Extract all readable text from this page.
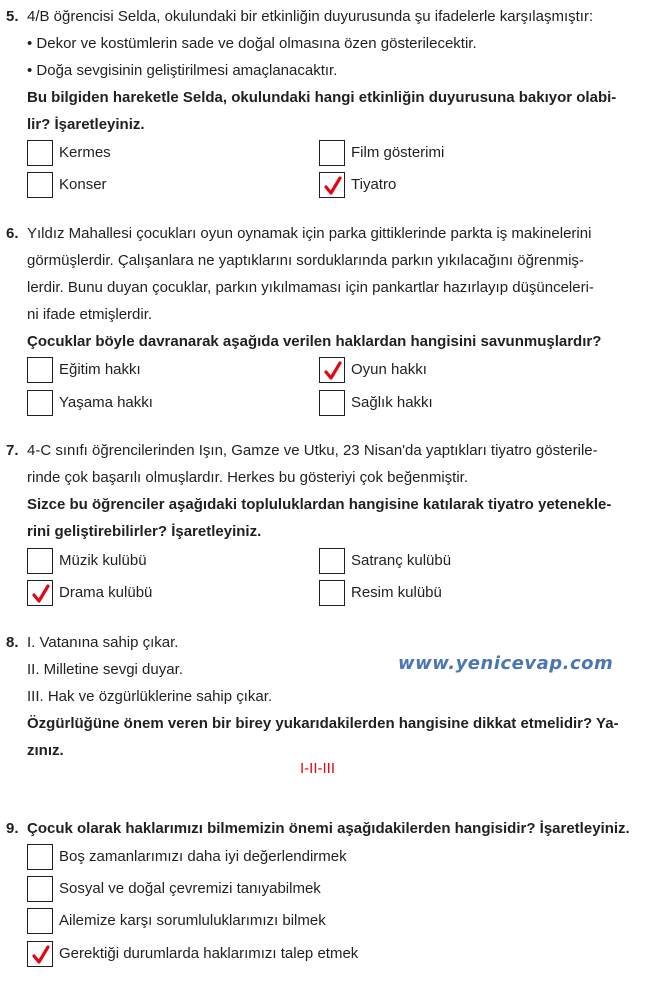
5. 4/B öğrencisi Selda, okulundaki bir etkinliğin duyurusunda şu ifadelerle karşılaşmıştır:
• Dekor ve kostümlerin sade ve doğal olmasına özen gösterilecektir.
• Doğa sevgisinin geliştirilmesi amaçlanacaktır.
Bu bilgiden hareketle Selda, okulundaki hangi etkinliğin duyurusuna bakıyor olabi-
lir? İşaretleyiniz.
Kermes	Film gösterimi
Konser	Tiyatro
6. Yıldız Mahallesi çocukları oyun oynamak için parka gittiklerinde parkta iş makinelerini
görmüşlerdir. Çalışanlara ne yaptıklarını sorduklarında parkın yıkılacağını öğrenmiş-
lerdir. Bunu duyan çocuklar, parkın yıkılmaması için pankartlar hazırlayıp düşünceleri-
ni ifade etmişlerdir.
Çocuklar böyle davranarak aşağıda verilen haklardan hangisini savunmuşlardır?
Eğitim hakkı	Oyun hakkı
Yaşama hakkı	Sağlık hakkı
7. 4-C sınıfı öğrencilerinden Işın, Gamze ve Utku, 23 Nisan'da yaptıkları tiyatro gösterile-
rinde çok başarılı olmuşlardır. Herkes bu gösteriyi çok beğenmiştir.
Sizce bu öğrenciler aşağıdaki topluluklardan hangisine katılarak tiyatro yetenekle-
rini geliştirebilirler? İşaretleyiniz.
Müzik kulübü	Satranç kulübü
Drama kulübü	Resim kulübü
8. I. Vatanına sahip çıkar.
II. Milletine sevgi duyar.
III. Hak ve özgürlüklerine sahip çıkar.
Özgürlüğüne önem veren bir birey yukarıdakilerden hangisine dikkat etmelidir? Ya-
zınız.
I-II-III
www.yenicevap.com
9. Çocuk olarak haklarımızı bilmemizin önemi aşağıdakilerden hangisidir? İşaretleyiniz.
Boş zamanlarımızı daha iyi değerlendirmek
Sosyal ve doğal çevremizi tanıyabilmek
Ailemize karşı sorumluluklarımızı bilmek
Gerektiği durumlarda haklarımızı talep etmek
